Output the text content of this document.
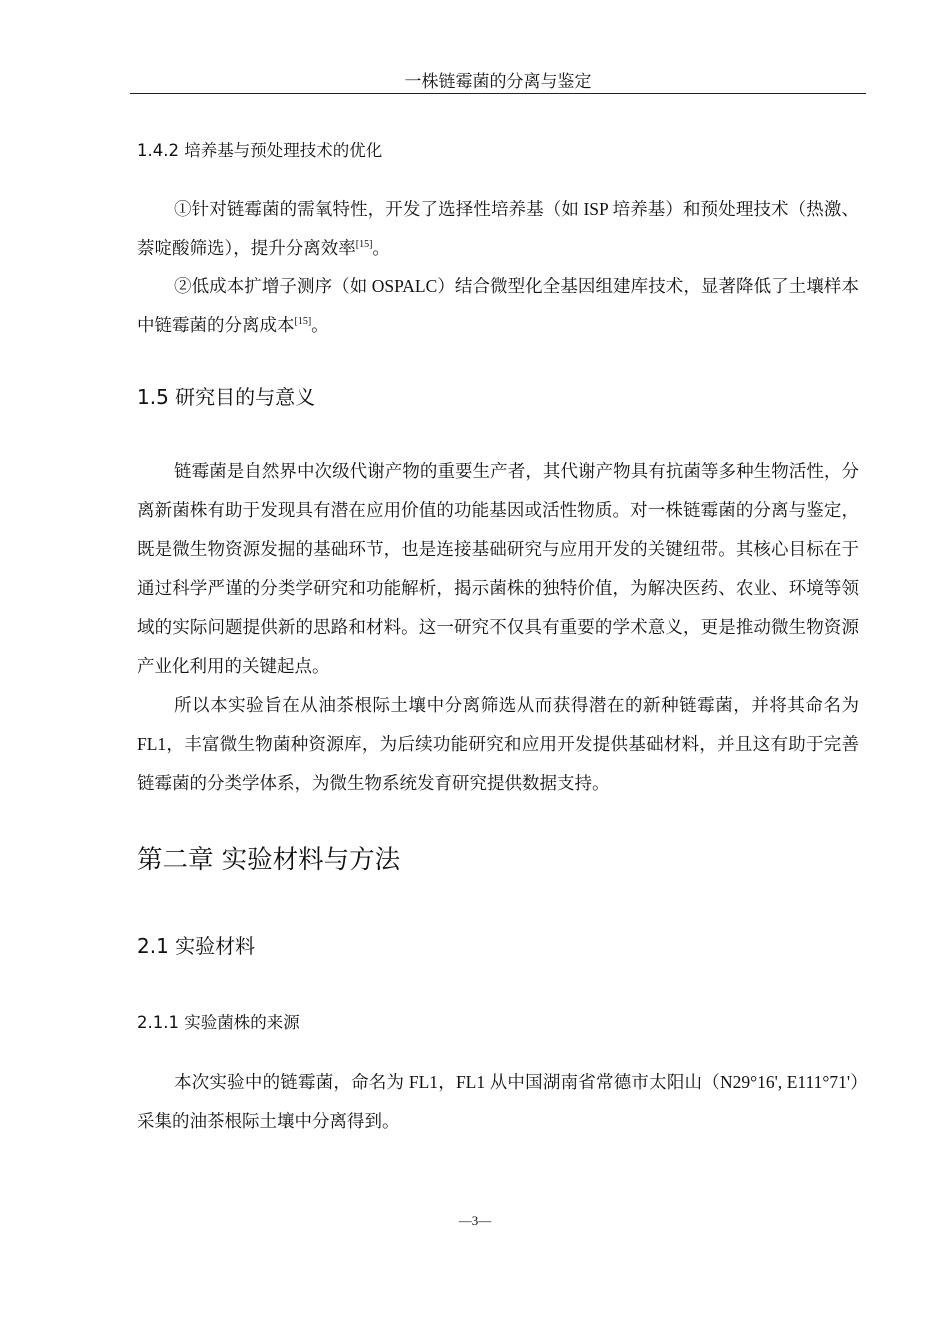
一株链霉菌的分离与鉴定
1.4.2 培养基与预处理技术的优化

①针对链霉菌的需氧特性，开发了选择性培养基（如 ISP 培养基）和预处理技术（热激、萘啶酸筛选），提升分离效率[15]。

②低成本扩增子测序（如 OSPALC）结合微型化全基因组建库技术，显著降低了土壤样本中链霉菌的分离成本[15]。

1.5 研究目的与意义

链霉菌是自然界中次级代谢产物的重要生产者，其代谢产物具有抗菌等多种生物活性，分离新菌株有助于发现具有潜在应用价值的功能基因或活性物质。对一株链霉菌的分离与鉴定，既是微生物资源发掘的基础环节，也是连接基础研究与应用开发的关键纽带。其核心目标在于通过科学严谨的分类学研究和功能解析，揭示菌株的独特价值，为解决医药、农业、环境等领域的实际问题提供新的思路和材料。这一研究不仅具有重要的学术意义，更是推动微生物资源产业化利用的关键起点。

所以本实验旨在从油茶根际土壤中分离筛选从而获得潜在的新种链霉菌，并将其命名为 FL1，丰富微生物菌种资源库，为后续功能研究和应用开发提供基础材料，并且这有助于完善链霉菌的分类学体系，为微生物系统发育研究提供数据支持。

第二章 实验材料与方法
2.1 实验材料
2.1.1 实验菌株的来源

本次实验中的链霉菌，命名为 FL1，FL1 从中国湖南省常德市太阳山（N29°16', E111°71'）采集的油茶根际土壤中分离得到。

—3—
